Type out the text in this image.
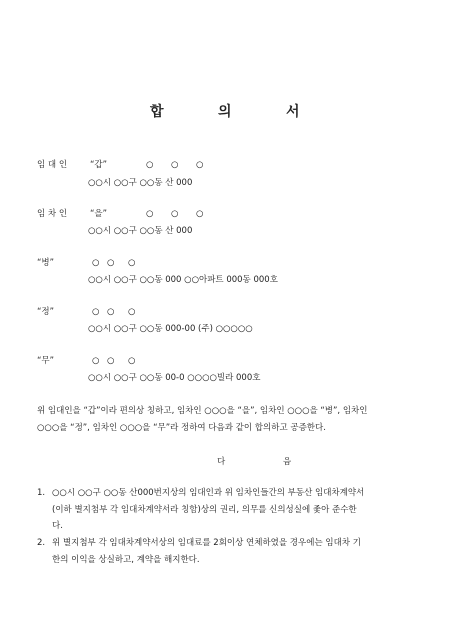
합	의	서
임 대 인	“갑”	○ ○ ○
○○시 ○○구 ○○동 산 000
임 차 인	“을”	○ ○ ○
○○시 ○○구 ○○동 산 000
“병”	○ ○ ○
○○시 ○○구 ○○동 000 ○○아파트 000동 000호
“정”	○ ○ ○
○○시 ○○구 ○○동 000-00 (주) ○○○○○
“무”	○ ○ ○
○○시 ○○구 ○○동 00-0 ○○○○빌라 000호
위 임대인을 “갑”이라 편의상 칭하고, 임차인 ○○○을 “을”, 임차인 ○○○을 “병”, 임차인
○○○을 “정”, 임차인 ○○○을 “무”라 정하여 다음과 같이 합의하고 공증한다.
다	음
1. ○○시 ○○구 ○○동 산000번지상의 임대인과 위 임차인들간의 부동산 임대차계약서
(이하 별지첨부 각 임대차계약서라 칭함)상의 권리, 의무를 신의성실에 좇아 준수한
다.
2. 위 별지첨부 각 임대차계약서상의 임대료를 2회이상 연체하였을 경우에는 임대차 기
한의 이익을 상실하고, 계약을 해지한다.
